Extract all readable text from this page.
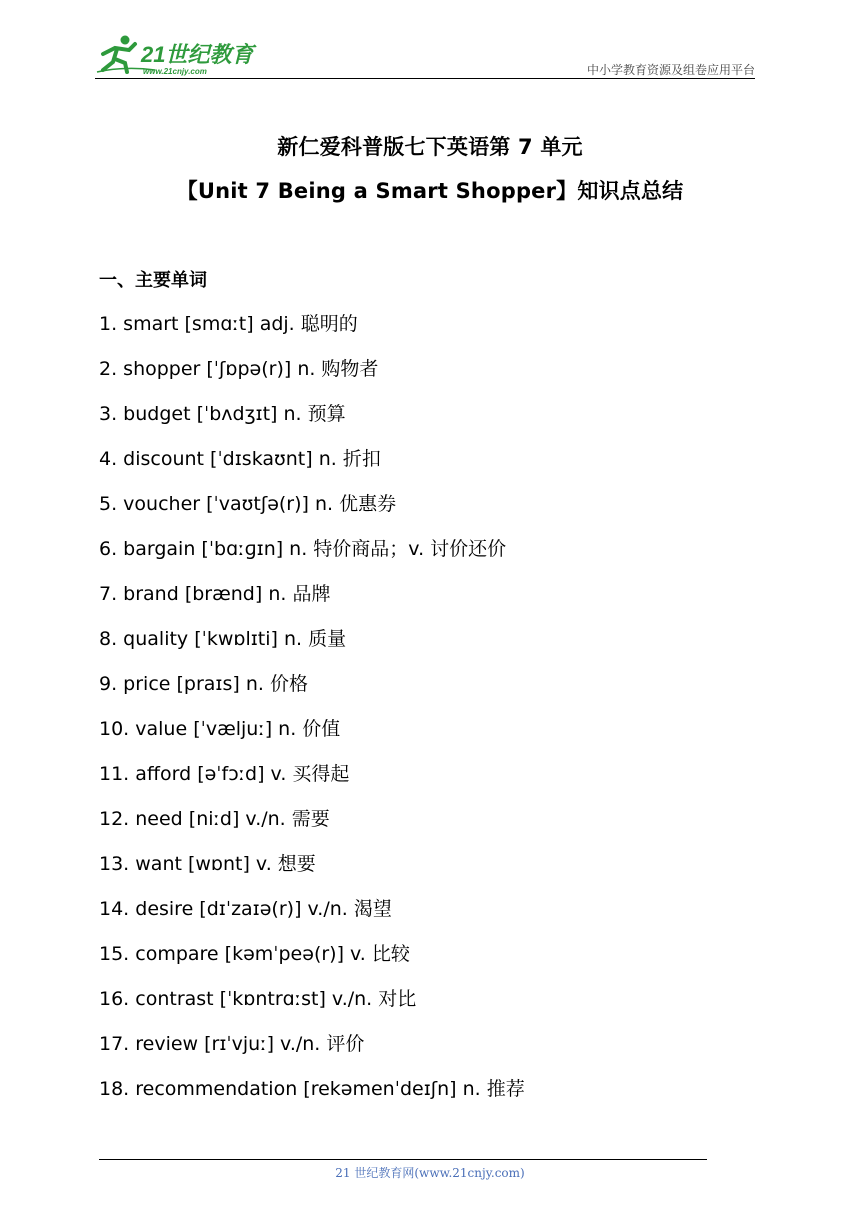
21世纪教育
www.21cnjy.com	中小学教育资源及组卷应用平台
新仁爱科普版七下英语第 7 单元
【Unit 7 Being a Smart Shopper】知识点总结
一、主要单词
1. smart [smɑːt] adj. 聪明的
2. shopper [ˈʃɒpə(r)] n. 购物者
3. budget [ˈbʌdʒɪt] n. 预算
4. discount [ˈdɪskaʊnt] n. 折扣
5. voucher [ˈvaʊtʃə(r)] n. 优惠券
6. bargain [ˈbɑːɡɪn] n. 特价商品；v. 讨价还价
7. brand [brænd] n. 品牌
8. quality [ˈkwɒlɪti] n. 质量
9. price [praɪs] n. 价格
10. value [ˈvæljuː] n. 价值
11. afford [əˈfɔːd] v. 买得起
12. need [niːd] v./n. 需要
13. want [wɒnt] v. 想要
14. desire [dɪˈzaɪə(r)] v./n. 渴望
15. compare [kəmˈpeə(r)] v. 比较
16. contrast [ˈkɒntrɑːst] v./n. 对比
17. review [rɪˈvjuː] v./n. 评价
18. recommendation [rekəmenˈdeɪʃn] n. 推荐
21 世纪教育网(www.21cnjy.com)
